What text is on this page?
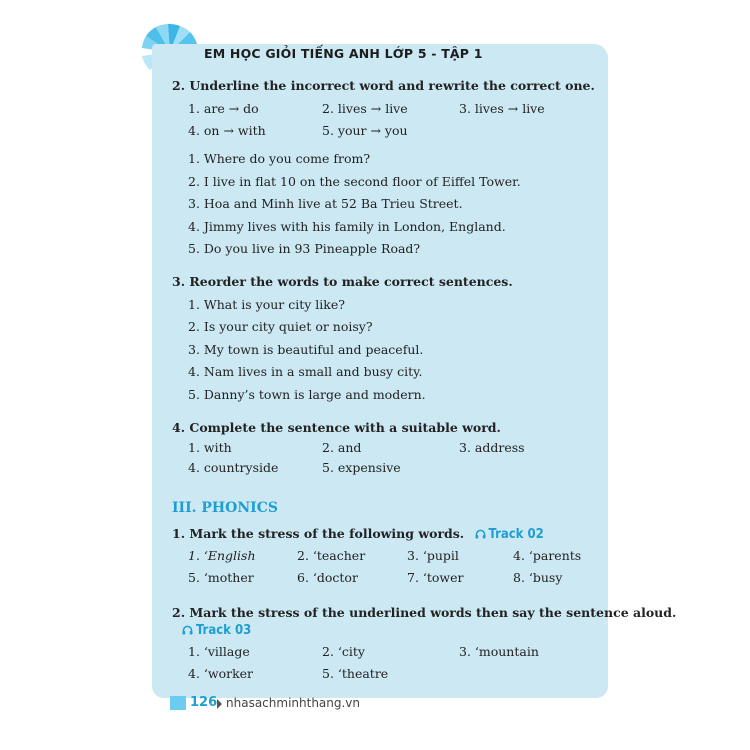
EM HỌC GIỎI TIẾNG ANH LỚP 5 - TẬP 1
2. Underline the incorrect word and rewrite the correct one.
1. are → do	2. lives → live	3. lives → live
4. on → with	5. your → you
1. Where do you come from?
2. I live in flat 10 on the second floor of Eiffel Tower.
3. Hoa and Minh live at 52 Ba Trieu Street.
4. Jimmy lives with his family in London, England.
5. Do you live in 93 Pineapple Road?
3. Reorder the words to make correct sentences.
1. What is your city like?
2. Is your city quiet or noisy?
3. My town is beautiful and peaceful.
4. Nam lives in a small and busy city.
5. Danny’s town is large and modern.
4. Complete the sentence with a suitable word.
1. with	2. and	3. address
4. countryside	5. expensive
III. PHONICS
1. Mark the stress of the following words. Track 02
1. ‘English	2. ‘teacher	3. ‘pupil	4. ‘parents
5. ‘mother	6. ‘doctor	7. ‘tower	8. ‘busy
2. Mark the stress of the underlined words then say the sentence aloud.
Track 03
1. ‘village	2. ‘city	3. ‘mountain
4. ‘worker	5. ‘theatre
126 nhasachminhthang.vn
